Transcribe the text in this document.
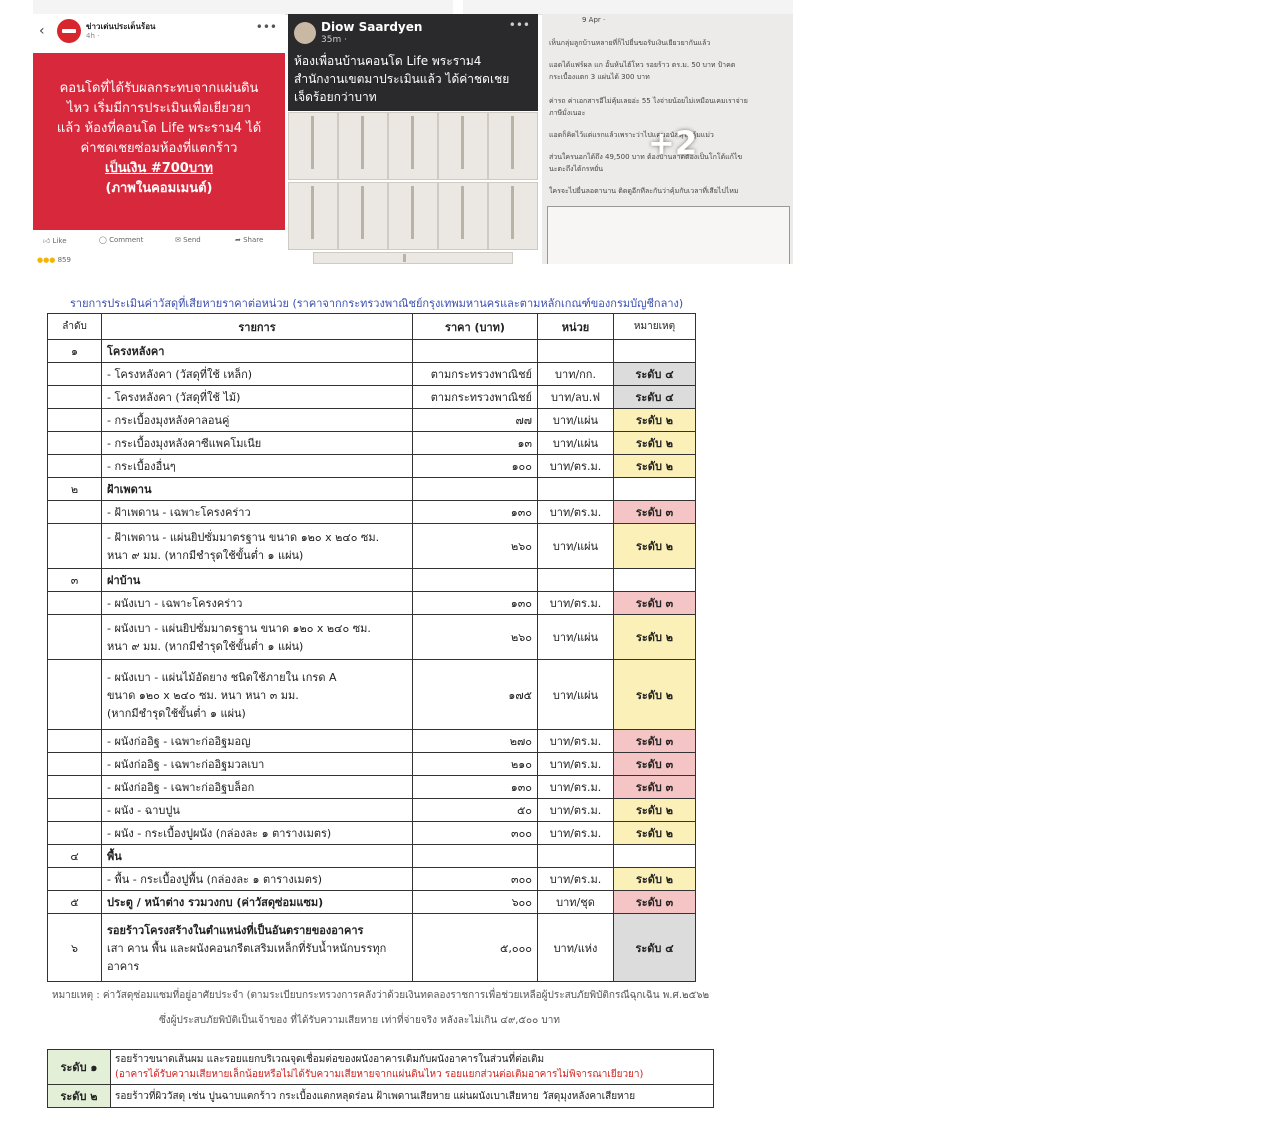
‹	ข่าวเด่นประเด็นร้อน
4h ·
•••
คอนโดที่ได้รับผลกระทบจากแผ่นดิน
ไหว เริ่มมีการประเมินเพื่อเยียวยา
แล้ว ห้องที่คอนโด Life พระราม4 ได้
ค่าชดเชยซ่อมห้องที่แตกร้าว
เป็นเงิน #700บาท
(ภาพในคอมเมนต์)
👍︎ Like	◯ Comment	✉ Send	➦ Share
●●● 859
Diow Saardyen
35m ·
•••
ห้องเพื่อนบ้านคอนโด Life พระราม4
สำนักงานเขตมาประเมินแล้ว ได้ค่าชดเชย
เจ็ดร้อยกว่าบาท
9 Apr ·
เห็นกลุ่มลูกบ้านหลายที่ก็ไปยื่นขอรับเงินเยียวยากันแล้ว
แอดได้แฟร์ผล แก อั้นห้นไฮ้โหว รอยร้าว ตร.ม. 50 บาท ป้าคต
กระเบื้องแตก 3 แผ่นได้ 300 บาท
ค่ารถ ค่าเอกสารอีไม่คุ้มเลยอ่ะ 55 ไงจ่ายน้อยไม่เหมือนเคมเราจ่าย
ภาษีมั่งเนอะ
แอดก็คิดไว้แต่แรกแล้วเพราะว่าไปแคมอนัสดุไม่คุ้มแม่ว
ส่วนใครนอกได้ถึง 49,500 บาท ต้องบ้านลาดต้องเป็นโกโต้แก้ไข
นะตะถึงได้กรหยั่น
ใครจะไปยื่นลอตานาน ติดดูอีกทีละกันว่าคุ้มกับเวลาที่เสียไปไหม
+2
รายการประเมินค่าวัสดุที่เสียหายราคาต่อหน่วย (ราคาจากกระทรวงพาณิชย์กรุงเทพมหานครและตามหลักเกณฑ์ของกรมบัญชีกลาง)
ลำดับ	รายการ	ราคา (บาท)	หน่วย	หมายเหตุ
๑	โครงหลังคา			
	- โครงหลังคา (วัสดุที่ใช้ เหล็ก)	ตามกระทรวงพาณิชย์	บาท/กก.	ระดับ ๔
	- โครงหลังคา (วัสดุที่ใช้ ไม้)	ตามกระทรวงพาณิชย์	บาท/ลบ.ฟ	ระดับ ๔
	- กระเบื้องมุงหลังคาลอนคู่	๗๗	บาท/แผ่น	ระดับ ๒
	- กระเบื้องมุงหลังคาซีแพคโมเนีย	๑๓	บาท/แผ่น	ระดับ ๒
	- กระเบื้องอื่นๆ	๑๐๐	บาท/ตร.ม.	ระดับ ๒
๒	ฝ้าเพดาน			
	- ฝ้าเพดาน - เฉพาะโครงคร่าว	๑๓๐	บาท/ตร.ม.	ระดับ ๓
	- ฝ้าเพดาน - แผ่นยิปซั่มมาตรฐาน ขนาด ๑๒๐ x ๒๔๐ ซม.
หนา ๙ มม. (หากมีชำรุดใช้ขั้นต่ำ ๑ แผ่น)	๒๖๐	บาท/แผ่น	ระดับ ๒
๓	ฝาบ้าน			
	- ผนังเบา - เฉพาะโครงคร่าว	๑๓๐	บาท/ตร.ม.	ระดับ ๓
	- ผนังเบา - แผ่นยิปซั่มมาตรฐาน ขนาด ๑๒๐ x ๒๔๐ ซม.
หนา ๙ มม. (หากมีชำรุดใช้ขั้นต่ำ ๑ แผ่น)	๒๖๐	บาท/แผ่น	ระดับ ๒
	- ผนังเบา - แผ่นไม้อัดยาง ชนิดใช้ภายใน เกรด A
ขนาด ๑๒๐ x ๒๔๐ ซม. หนา หนา ๓ มม.
(หากมีชำรุดใช้ขั้นต่ำ ๑ แผ่น)	๑๗๕	บาท/แผ่น	ระดับ ๒
	- ผนังก่ออิฐ - เฉพาะก่ออิฐมอญ	๒๗๐	บาท/ตร.ม.	ระดับ ๓
	- ผนังก่ออิฐ - เฉพาะก่ออิฐมวลเบา	๒๑๐	บาท/ตร.ม.	ระดับ ๓
	- ผนังก่ออิฐ - เฉพาะก่ออิฐบล็อก	๑๓๐	บาท/ตร.ม.	ระดับ ๓
	- ผนัง - ฉาบปูน	๕๐	บาท/ตร.ม.	ระดับ ๒
	- ผนัง - กระเบื้องปูผนัง (กล่องละ ๑ ตารางเมตร)	๓๐๐	บาท/ตร.ม.	ระดับ ๒
๔	พื้น			
	- พื้น - กระเบื้องปูพื้น (กล่องละ ๑ ตารางเมตร)	๓๐๐	บาท/ตร.ม.	ระดับ ๒
๕	ประตู / หน้าต่าง รวมวงกบ (ค่าวัสดุซ่อมแซม)	๖๐๐	บาท/ชุด	ระดับ ๓
๖	รอยร้าวโครงสร้างในตำแหน่งที่เป็นอันตรายของอาคาร
เสา คาน พื้น และผนังคอนกรีตเสริมเหล็กที่รับน้ำหนักบรรทุกอาคาร	๕,๐๐๐	บาท/แห่ง	ระดับ ๔
หมายเหตุ : ค่าวัสดุซ่อมแซมที่อยู่อาศัยประจำ (ตามระเบียบกระทรวงการคลังว่าด้วยเงินทดลองราชการเพื่อช่วยเหลือผู้ประสบภัยพิบัติกรณีฉุกเฉิน พ.ศ.๒๕๖๒
ซึ่งผู้ประสบภัยพิบัติเป็นเจ้าของ ที่ได้รับความเสียหาย เท่าที่จ่ายจริง หลังละไม่เกิน ๔๙,๕๐๐ บาท
ระดับ ๑	รอยร้าวขนาดเส้นผม และรอยแยกบริเวณจุดเชื่อมต่อของผนังอาคารเดิมกับผนังอาคารในส่วนที่ต่อเติม
(อาคารได้รับความเสียหายเล็กน้อยหรือไม่ได้รับความเสียหายจากแผ่นดินไหว รอยแยกส่วนต่อเติมอาคารไม่พิจารณาเยียวยา)

ระดับ ๒	รอยร้าวที่ผิววัสดุ เช่น ปูนฉาบแตกร้าว กระเบื้องแตกหลุดร่อน ฝ้าเพดานเสียหาย แผ่นผนังเบาเสียหาย วัสดุมุงหลังคาเสียหาย
